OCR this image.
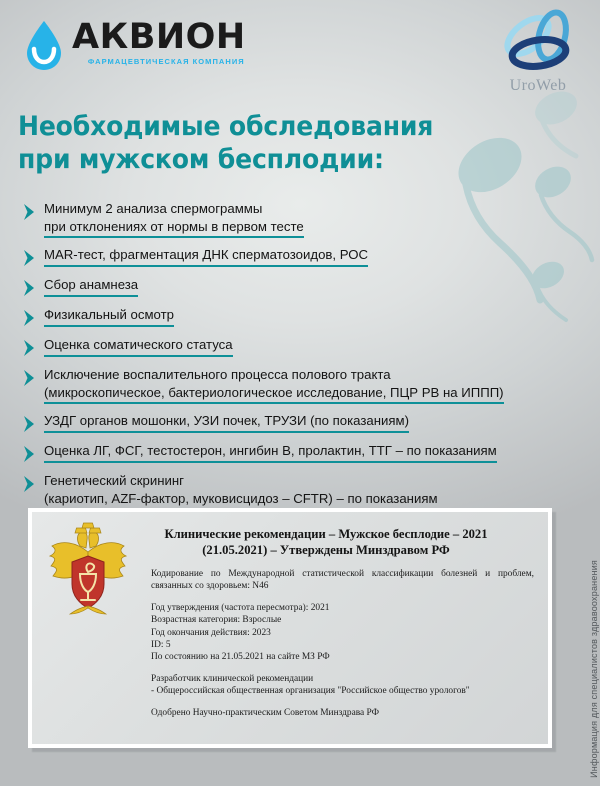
АКВИОН
ФАРМАЦЕВТИЧЕСКАЯ КОМПАНИЯ
UroWeb
Необходимые обследования
при мужском бесплодии:
Минимум 2 анализа спермограммы
при отклонениях от нормы в первом тесте
MAR-тест, фрагментация ДНК сперматозоидов, РОС
Сбор анамнеза
Физикальный осмотр
Оценка соматического статуса
Исключение воспалительного процесса полового тракта
(микроскопическое, бактериологическое исследование, ПЦР РВ на ИППП)
УЗДГ органов мошонки, УЗИ почек, ТРУЗИ (по показаниям)
Оценка ЛГ, ФСГ, тестостерон, ингибин В, пролактин, ТТГ – по показаниям
Генетический скрининг
(кариотип, AZF-фактор, муковисцидоз – CFTR) – по показаниям
Клинические рекомендации – Мужское бесплодие – 2021
(21.05.2021) – Утверждены Минздравом РФ
Кодирование по Международной статистической классификации болезней и проблем, связанных со здоровьем: N46
Год утверждения (частота пересмотра): 2021
Возрастная категория: Взрослые
Год окончания действия: 2023
ID: 5
По состоянию на 21.05.2021 на сайте МЗ РФ
Разработчик клинической рекомендации
- Общероссийская общественная организация "Российское общество урологов"
Одобрено Научно-практическим Советом Минздрава РФ	Информация для специалистов здравоохранения
